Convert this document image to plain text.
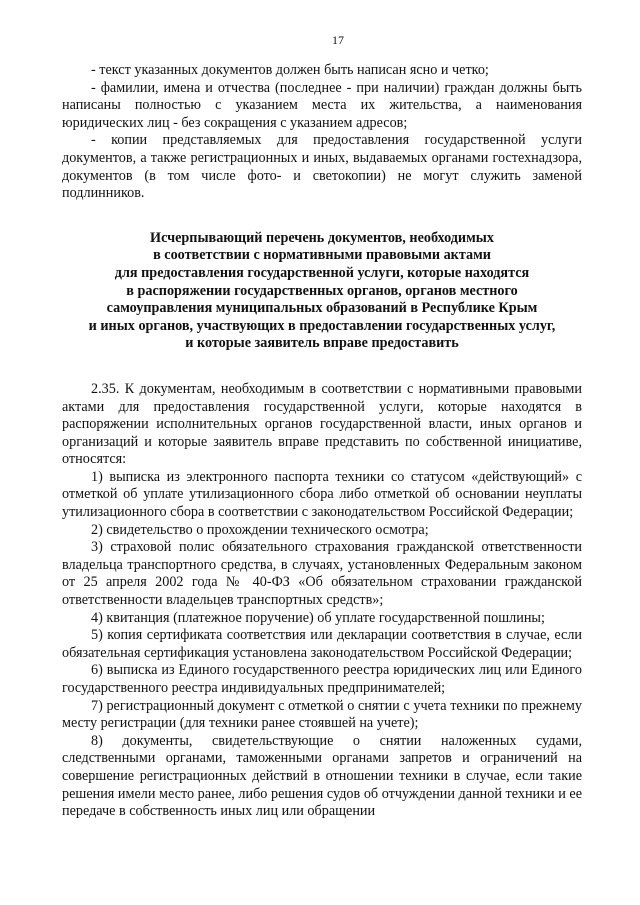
17

- текст указанных документов должен быть написан ясно и четко;

- фамилии, имена и отчества (последнее - при наличии) граждан должны быть написаны полностью с указанием места их жительства, а наименования юридических лиц - без сокращения с указанием адресов;

- копии представляемых для предоставления государственной услуги документов, а также регистрационных и иных, выдаваемых органами гостехнадзора, документов (в том числе фото- и светокопии) не могут служить заменой подлинников.

Исчерпывающий перечень документов, необходимых
в соответствии с нормативными правовыми актами
для предоставления государственной услуги, которые находятся
в распоряжении государственных органов, органов местного
самоуправления муниципальных образований в Республике Крым
и иных органов, участвующих в предоставлении государственных услуг,
и которые заявитель вправе предоставить

2.35. К документам, необходимым в соответствии с нормативными правовыми актами для предоставления государственной услуги, которые находятся в распоряжении исполнительных органов государственной власти, иных органов и организаций и которые заявитель вправе представить по собственной инициативе, относятся:

1) выписка из электронного паспорта техники со статусом «действующий» с отметкой об уплате утилизационного сбора либо отметкой об основании неуплаты утилизационного сбора в соответствии с законодательством Российской Федерации;

2) свидетельство о прохождении технического осмотра;

3) страховой полис обязательного страхования гражданской ответственности владельца транспортного средства, в случаях, установленных Федеральным законом от 25 апреля 2002 года № 40-ФЗ «Об обязательном страховании гражданской ответственности владельцев транспортных средств»;

4) квитанция (платежное поручение) об уплате государственной пошлины;

5) копия сертификата соответствия или декларации соответствия в случае, если обязательная сертификация установлена законодательством Российской Федерации;

6) выписка из Единого государственного реестра юридических лиц или Единого государственного реестра индивидуальных предпринимателей;

7) регистрационный документ с отметкой о снятии с учета техники по прежнему месту регистрации (для техники ранее стоявшей на учете);

8) документы, свидетельствующие о снятии наложенных судами, следственными органами, таможенными органами запретов и ограничений на совершение регистрационных действий в отношении техники в случае, если такие решения имели место ранее, либо решения судов об отчуждении данной техники и ее передаче в собственность иных лиц или обращении
